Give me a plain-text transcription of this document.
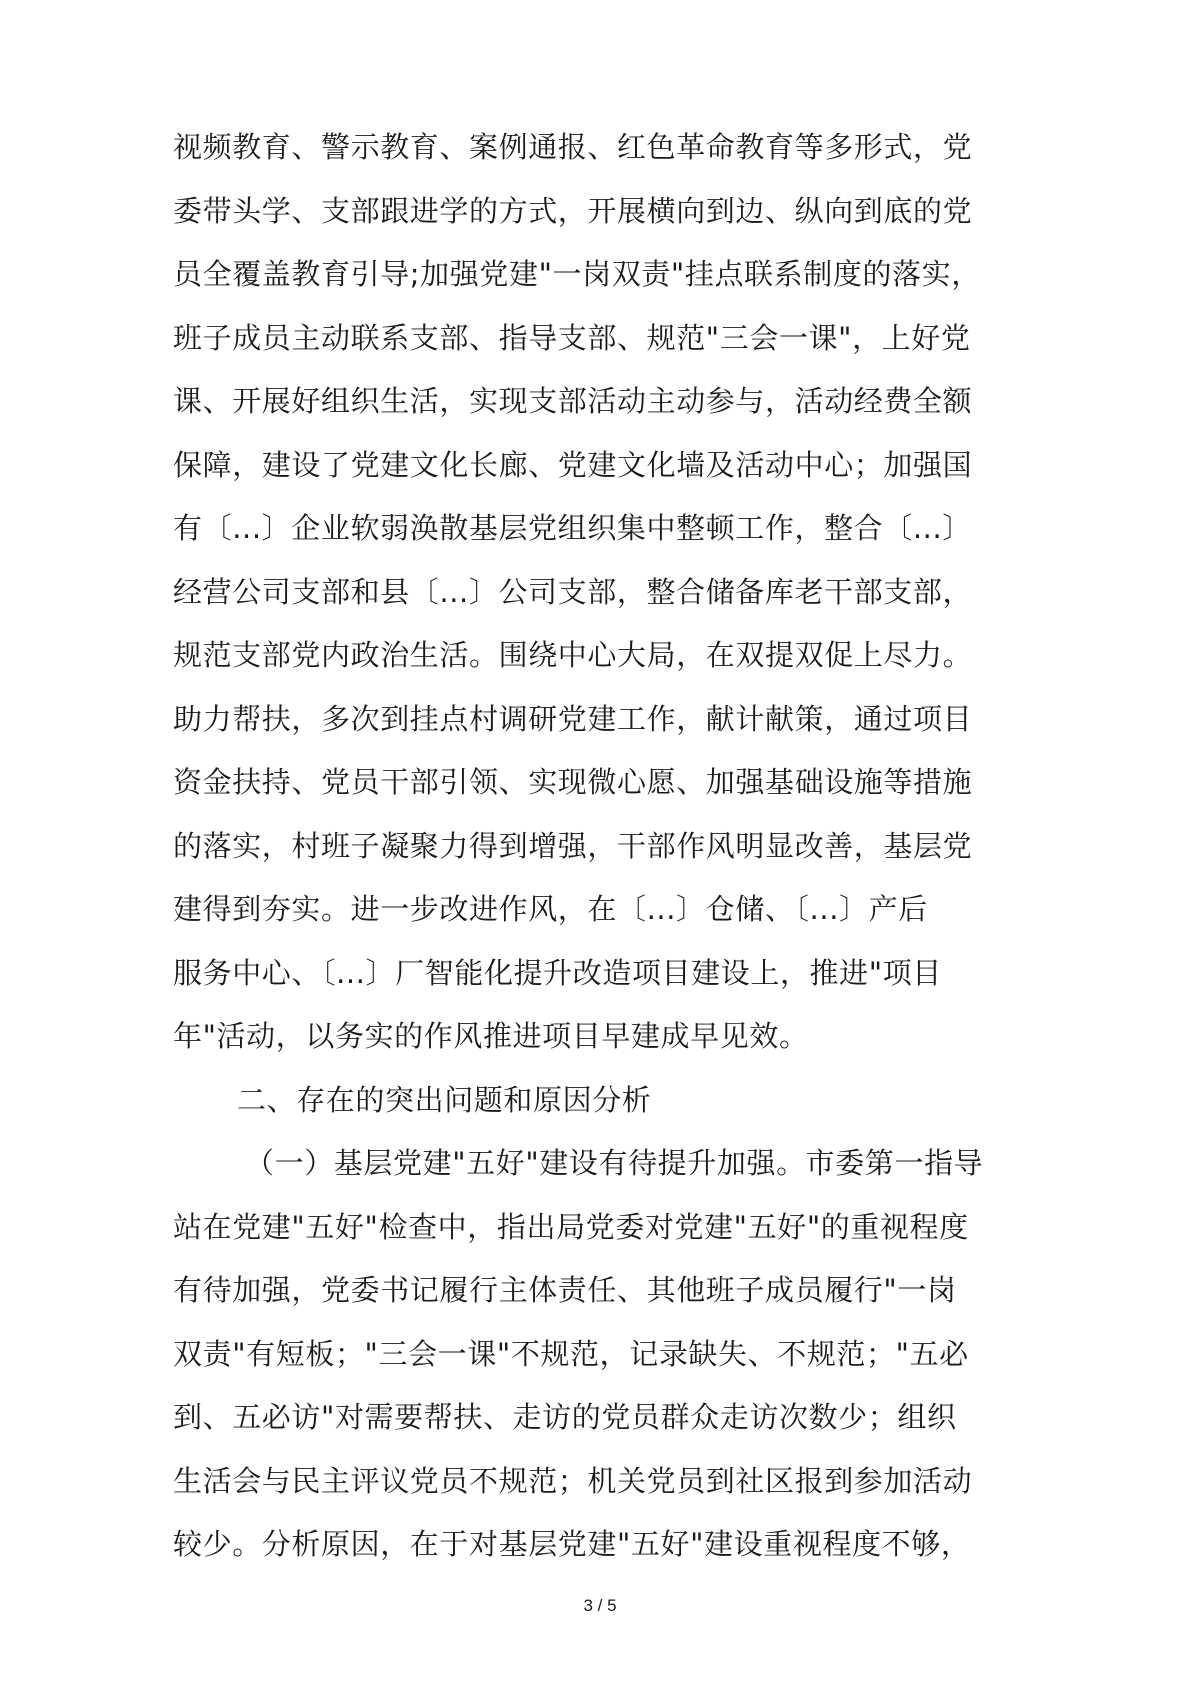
视频教育、警示教育、案例通报、红色革命教育等多形式，党
委带头学、支部跟进学的方式，开展横向到边、纵向到底的党
员全覆盖教育引导;加强党建"一岗双责"挂点联系制度的落实，
班子成员主动联系支部、指导支部、规范"三会一课"，上好党
课、开展好组织生活，实现支部活动主动参与，活动经费全额
保障，建设了党建文化长廊、党建文化墙及活动中心；加强国
有〔...〕企业软弱涣散基层党组织集中整顿工作，整合〔...〕
经营公司支部和县〔...〕公司支部，整合储备库老干部支部，
规范支部党内政治生活。围绕中心大局，在双提双促上尽力。
助力帮扶，多次到挂点村调研党建工作，献计献策，通过项目
资金扶持、党员干部引领、实现微心愿、加强基础设施等措施
的落实，村班子凝聚力得到增强，干部作风明显改善，基层党
建得到夯实。进一步改进作风，在〔...〕仓储、〔...〕产后
服务中心、〔...〕厂智能化提升改造项目建设上，推进"项目
年"活动，以务实的作风推进项目早建成早见效。
二、存在的突出问题和原因分析
（一）基层党建"五好"建设有待提升加强。市委第一指导
站在党建"五好"检查中，指出局党委对党建"五好"的重视程度
有待加强，党委书记履行主体责任、其他班子成员履行"一岗
双责"有短板；"三会一课"不规范，记录缺失、不规范；"五必
到、五必访"对需要帮扶、走访的党员群众走访次数少；组织
生活会与民主评议党员不规范；机关党员到社区报到参加活动
较少。分析原因，在于对基层党建"五好"建设重视程度不够，
3 / 5
